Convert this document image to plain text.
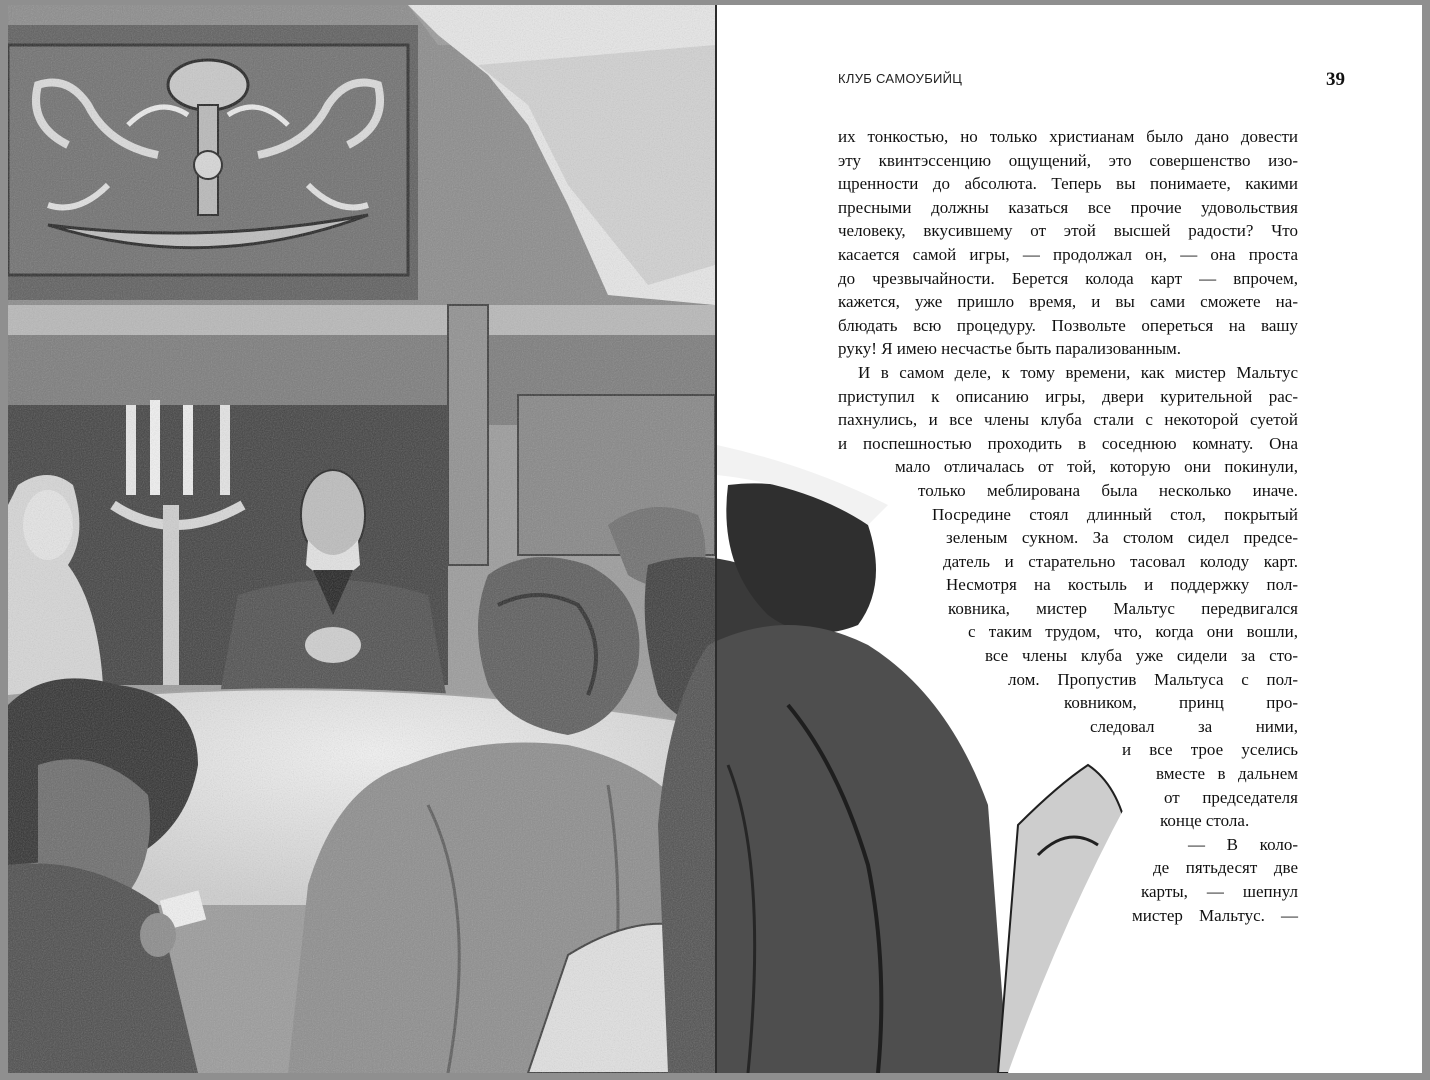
КЛУБ САМОУБИЙЦ	39
их тонкостью, но только христианам было дано довести
эту квинтэссенцию ощущений, это совершенство изо-
щренности до абсолюта. Теперь вы понимаете, какими
пресными должны казаться все прочие удовольствия
человеку, вкусившему от этой высшей радости? Что
касается самой игры, — продолжал он, — она проста
до чрезвычайности. Берется колода карт — впрочем,
кажется, уже пришло время, и вы сами сможете на-
блюдать всю процедуру. Позвольте опереться на вашу
руку! Я имею несчастье быть парализованным.
И в самом деле, к тому времени, как мистер Мальтус
приступил к описанию игры, двери курительной рас-
пахнулись, и все члены клуба стали с некоторой суетой
и поспешностью проходить в соседнюю комнату. Она
мало отличалась от той, которую они покинули,
только меблирована была несколько иначе.
Посредине стоял длинный стол, покрытый
зеленым сукном. За столом сидел предсе-
датель и старательно тасовал колоду карт.
Несмотря на костыль и поддержку пол-
ковника, мистер Мальтус передвигался
с таким трудом, что, когда они вошли,
все члены клуба уже сидели за сто-
лом. Пропустив Мальтуса с пол-
ковником, принц про-
следовал за ними,
и все трое уселись
вместе в дальнем
от председателя
конце стола.
— В коло-
де пятьдесят две
карты, — шепнул
мистер Мальтус. —
